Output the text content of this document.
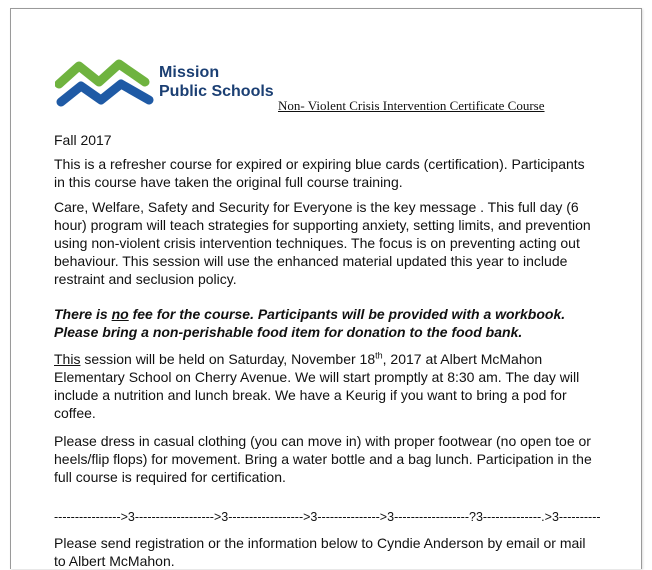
Mission
Public Schools
Non- Violent Crisis Intervention Certificate Course

Fall 2017

This is a refresher course for expired or expiring blue cards (certification). Participants in this course have taken the original full course training.

Care, Welfare, Safety and Security for Everyone is the key message . This full day (6 hour) program will teach strategies for supporting anxiety, setting limits, and prevention using non-violent crisis intervention techniques. The focus is on preventing acting out behaviour. This session will use the enhanced material updated this year to include restraint and seclusion policy.

There is no fee for the course. Participants will be provided with a workbook. Please bring a non-perishable food item for donation to the food bank.

This session will be held on Saturday, November 18th, 2017 at Albert McMahon Elementary School on Cherry Avenue. We will start promptly at 8:30 am. The day will include a nutrition and lunch break. We have a Keurig if you want to bring a pod for coffee.

Please dress in casual clothing (you can move in) with proper footwear (no open toe or heels/flip flops) for movement. Bring a water bottle and a bag lunch. Participation in the full course is required for certification.

---------------->3------------------->3------------------>3--------------->3------------------?3--------------.>3----------

Please send registration or the information below to Cyndie Anderson by email or mail to Albert McMahon.
